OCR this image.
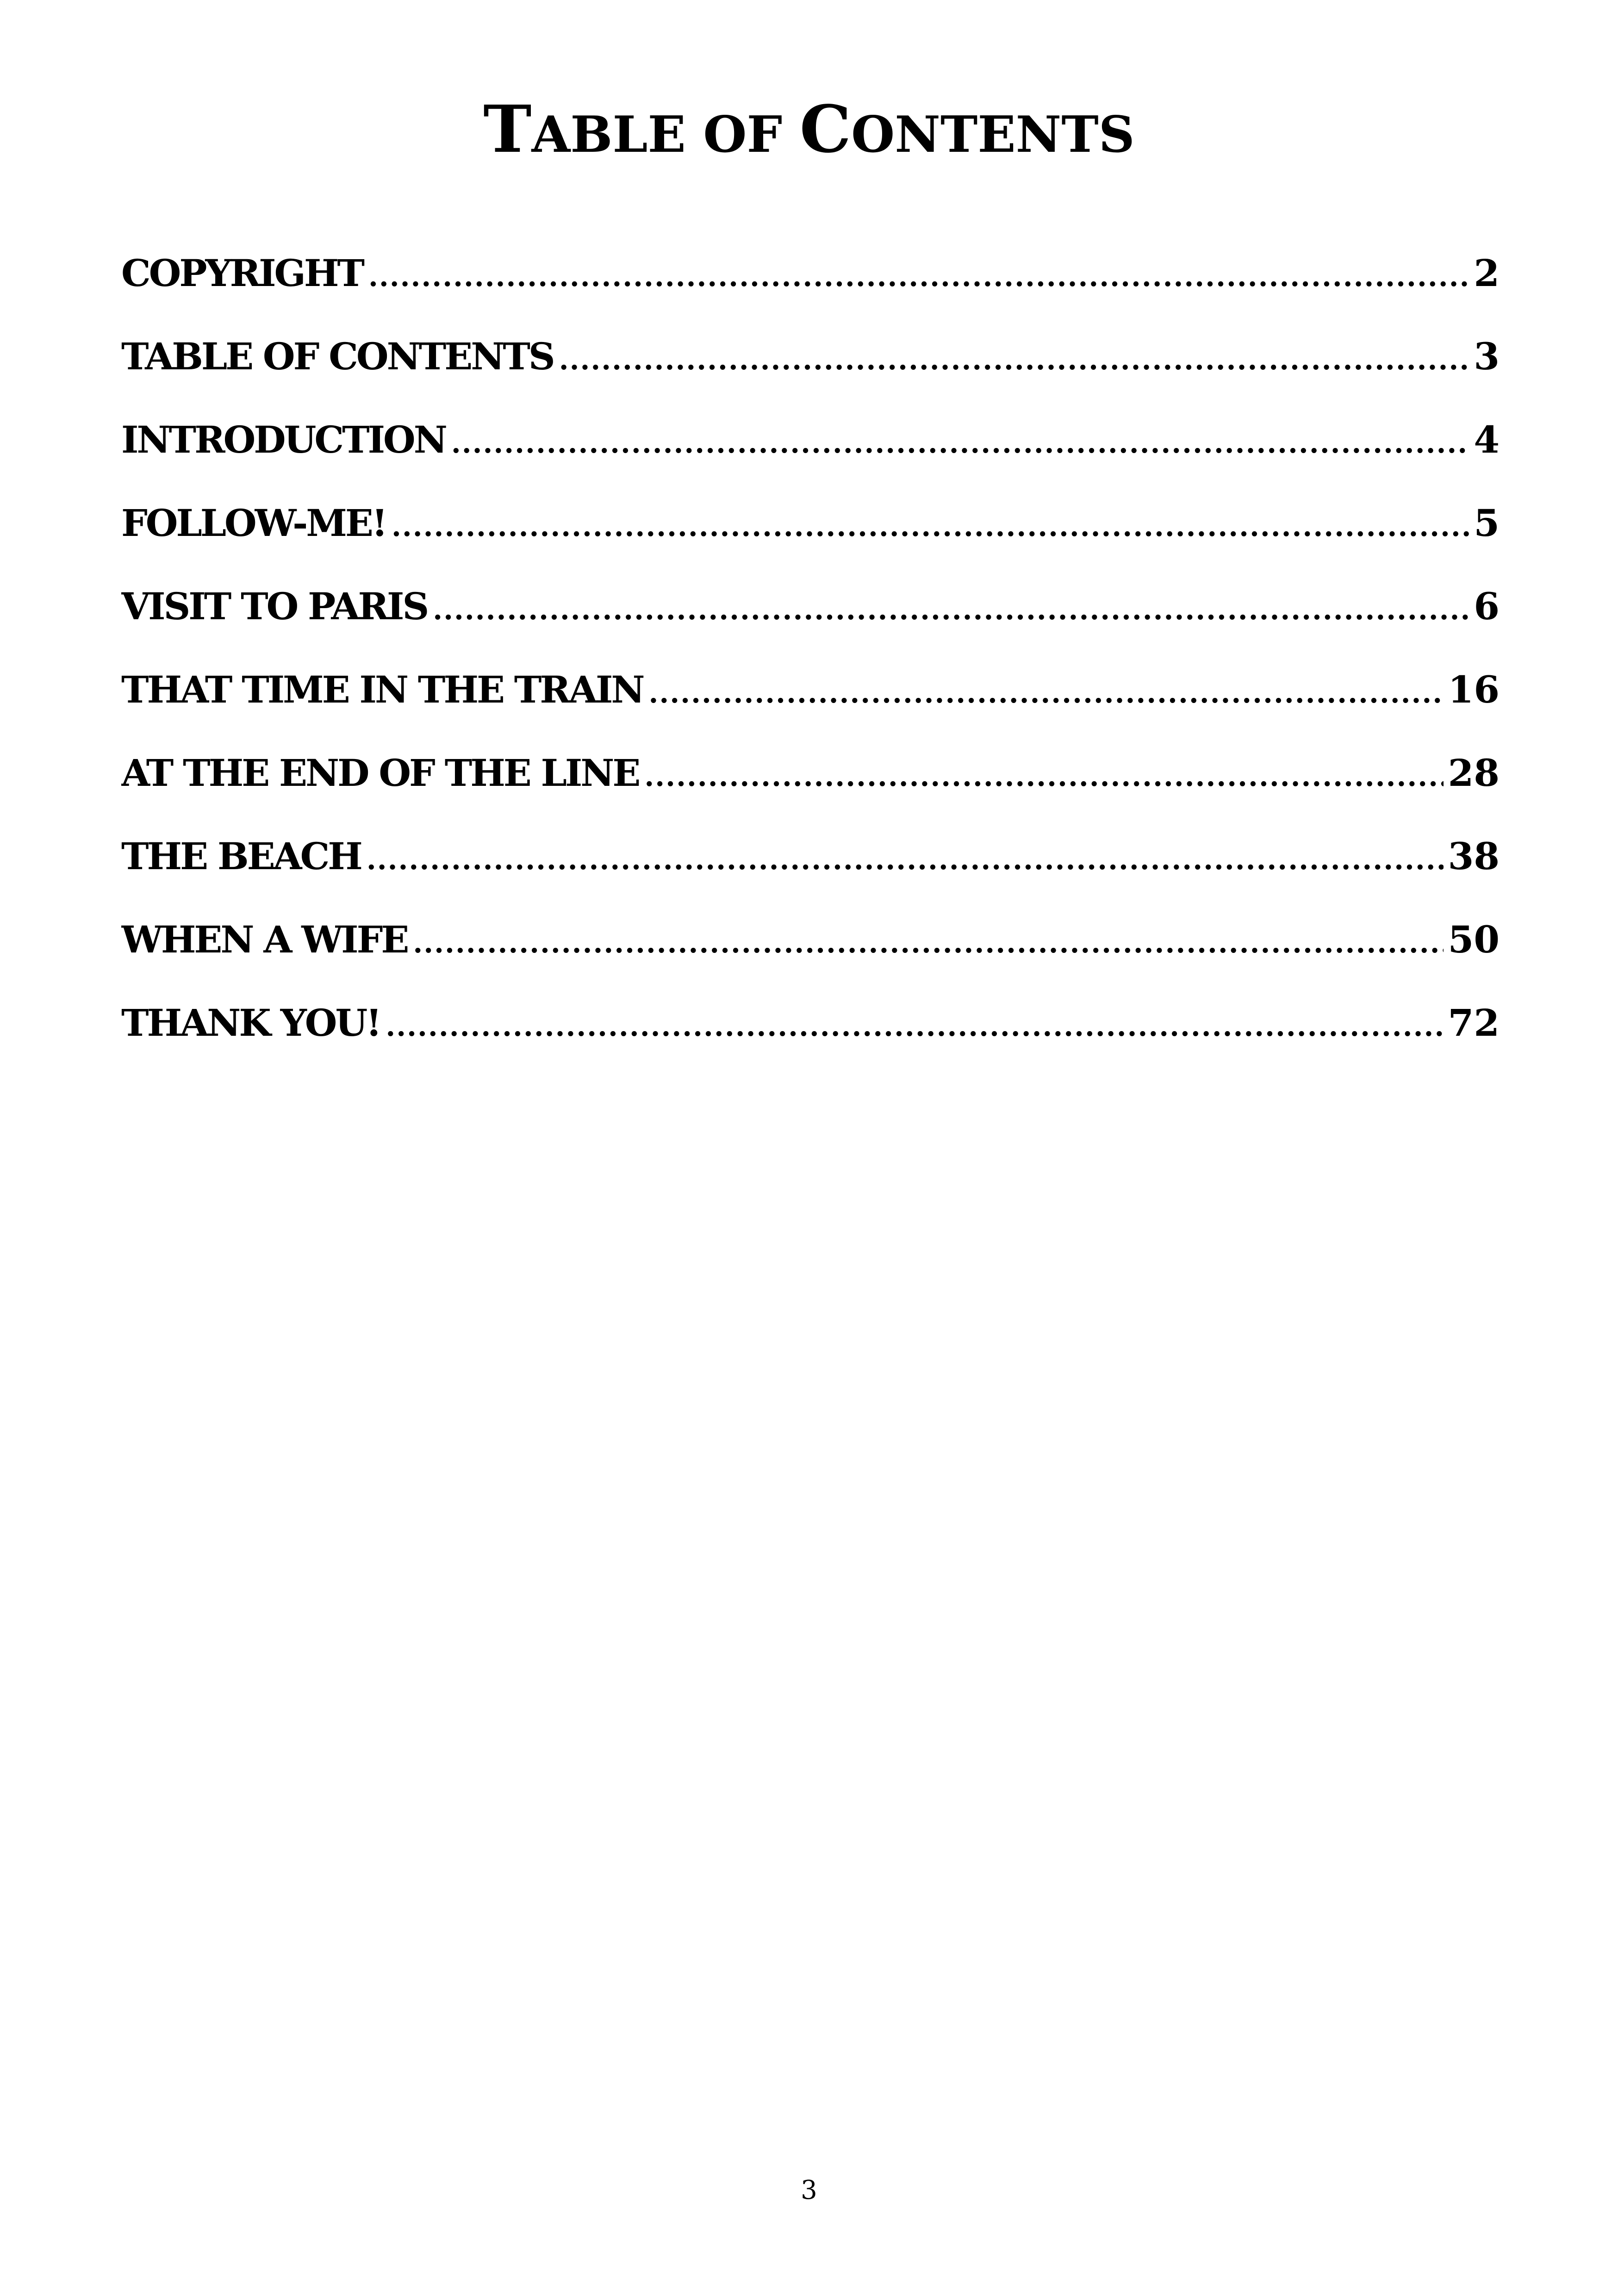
TABLE OF CONTENTS
COPYRIGHT .....	2
TABLE OF CONTENTS .....	3
INTRODUCTION .....	4
FOLLOW-ME! .....	5
VISIT TO PARIS .....	6
THAT TIME IN THE TRAIN .....	16
AT THE END OF THE LINE .....	28
THE BEACH .....	38
WHEN A WIFE .....	50
THANK YOU! .....	72

3
